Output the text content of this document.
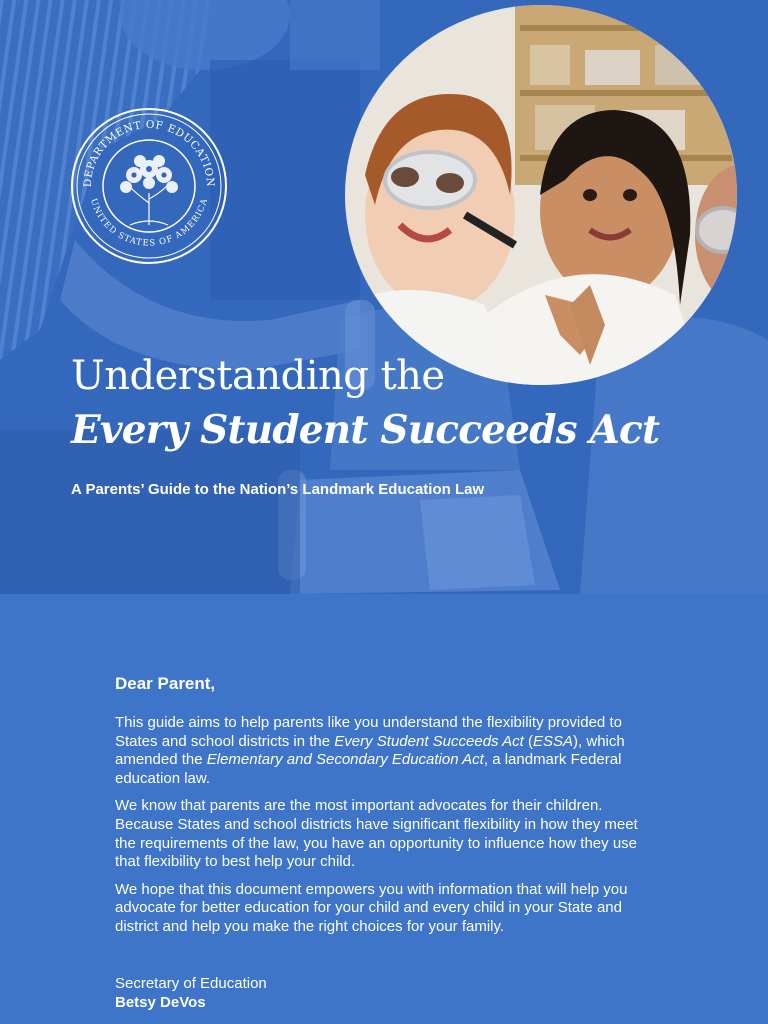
DEPARTMENT OF EDUCATION
UNITED STATES OF AMERICA
Understanding the
Every Student Succeeds Act
A Parents’ Guide to the Nation’s Landmark Education Law

Dear Parent,

This guide aims to help parents like you understand the flexibility provided to States and school districts in the Every Student Succeeds Act (ESSA), which amended the Elementary and Secondary Education Act, a landmark Federal education law.

We know that parents are the most important advocates for their children. Because States and school districts have significant flexibility in how they meet the requirements of the law, you have an opportunity to influence how they use that flexibility to best help your child.

We hope that this document empowers you with information that will help you advocate for better education for your child and every child in your State and district and help you make the right choices for your family.

Secretary of Education
Betsy DeVos
